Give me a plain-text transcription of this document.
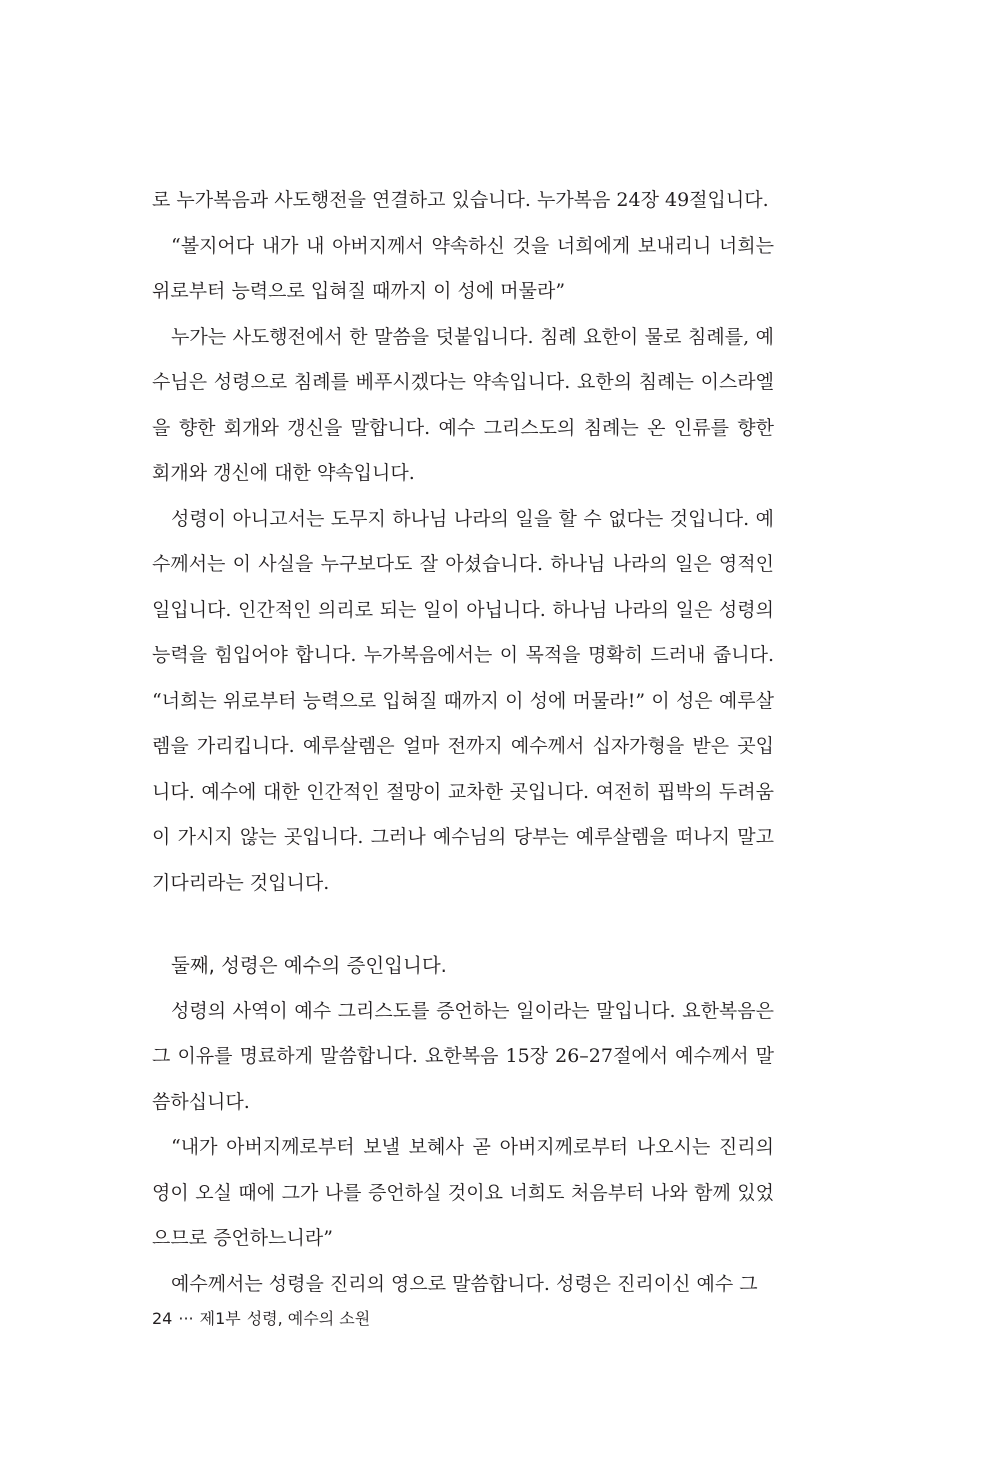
로 누가복음과 사도행전을 연결하고 있습니다. 누가복음 24장 49절입니다.

“볼지어다 내가 내 아버지께서 약속하신 것을 너희에게 보내리니 너희는 위로부터 능력으로 입혀질 때까지 이 성에 머물라”

누가는 사도행전에서 한 말씀을 덧붙입니다. 침례 요한이 물로 침례를, 예수님은 성령으로 침례를 베푸시겠다는 약속입니다. 요한의 침례는 이스라엘을 향한 회개와 갱신을 말합니다. 예수 그리스도의 침례는 온 인류를 향한 회개와 갱신에 대한 약속입니다.

성령이 아니고서는 도무지 하나님 나라의 일을 할 수 없다는 것입니다. 예수께서는 이 사실을 누구보다도 잘 아셨습니다. 하나님 나라의 일은 영적인 일입니다. 인간적인 의리로 되는 일이 아닙니다. 하나님 나라의 일은 성령의 능력을 힘입어야 합니다. 누가복음에서는 이 목적을 명확히 드러내 줍니다. “너희는 위로부터 능력으로 입혀질 때까지 이 성에 머물라!” 이 성은 예루살렘을 가리킵니다. 예루살렘은 얼마 전까지 예수께서 십자가형을 받은 곳입니다. 예수에 대한 인간적인 절망이 교차한 곳입니다. 여전히 핍박의 두려움이 가시지 않는 곳입니다. 그러나 예수님의 당부는 예루살렘을 떠나지 말고 기다리라는 것입니다.

둘째, 성령은 예수의 증인입니다.

성령의 사역이 예수 그리스도를 증언하는 일이라는 말입니다. 요한복음은 그 이유를 명료하게 말씀합니다. 요한복음 15장 26–27절에서 예수께서 말씀하십니다.

“내가 아버지께로부터 보낼 보혜사 곧 아버지께로부터 나오시는 진리의 영이 오실 때에 그가 나를 증언하실 것이요 너희도 처음부터 나와 함께 있었으므로 증언하느니라”

예수께서는 성령을 진리의 영으로 말씀합니다. 성령은 진리이신 예수 그

24 ··· 제1부 성령, 예수의 소원
